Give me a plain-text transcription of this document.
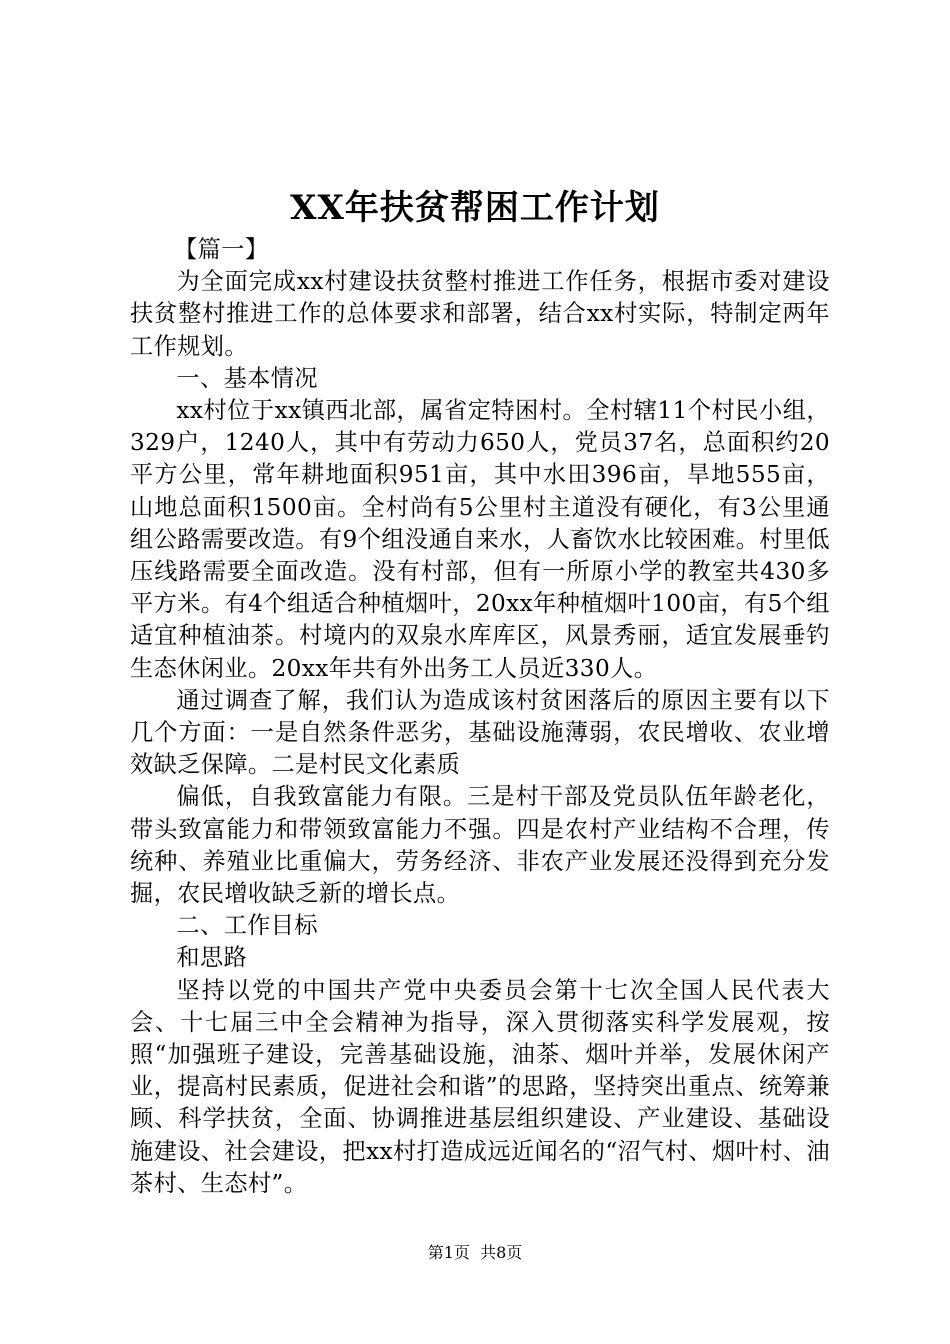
XX年扶贫帮困工作计划

【篇一】

为全面完成xx村建设扶贫整村推进工作任务，根据市委对建设扶贫整村推进工作的总体要求和部署，结合xx村实际，特制定两年工作规划。

一、基本情况

xx村位于xx镇西北部，属省定特困村。全村辖11个村民小组，329户，1240人，其中有劳动力650人，党员37名，总面积约20平方公里，常年耕地面积951亩，其中水田396亩，旱地555亩，山地总面积1500亩。全村尚有5公里村主道没有硬化，有3公里通组公路需要改造。有9个组没通自来水，人畜饮水比较困难。村里低压线路需要全面改造。没有村部，但有一所原小学的教室共430多平方米。有4个组适合种植烟叶，20xx年种植烟叶100亩，有5个组适宜种植油茶。村境内的双泉水库库区，风景秀丽，适宜发展垂钓生态休闲业。20xx年共有外出务工人员近330人。

通过调查了解，我们认为造成该村贫困落后的原因主要有以下几个方面：一是自然条件恶劣，基础设施薄弱，农民增收、农业增效缺乏保障。二是村民文化素质

偏低，自我致富能力有限。三是村干部及党员队伍年龄老化，带头致富能力和带领致富能力不强。四是农村产业结构不合理，传统种、养殖业比重偏大，劳务经济、非农产业发展还没得到充分发掘，农民增收缺乏新的增长点。

二、工作目标

和思路

坚持以党的中国共产党中央委员会第十七次全国人民代表大会、十七届三中全会精神为指导，深入贯彻落实科学发展观，按照“加强班子建设，完善基础设施，油茶、烟叶并举，发展休闲产业，提高村民素质，促进社会和谐”的思路，坚持突出重点、统筹兼顾、科学扶贫，全面、协调推进基层组织建设、产业建设、基础设施建设、社会建设，把xx村打造成远近闻名的“沼气村、烟叶村、油茶村、生态村”。

第1页  共8页
